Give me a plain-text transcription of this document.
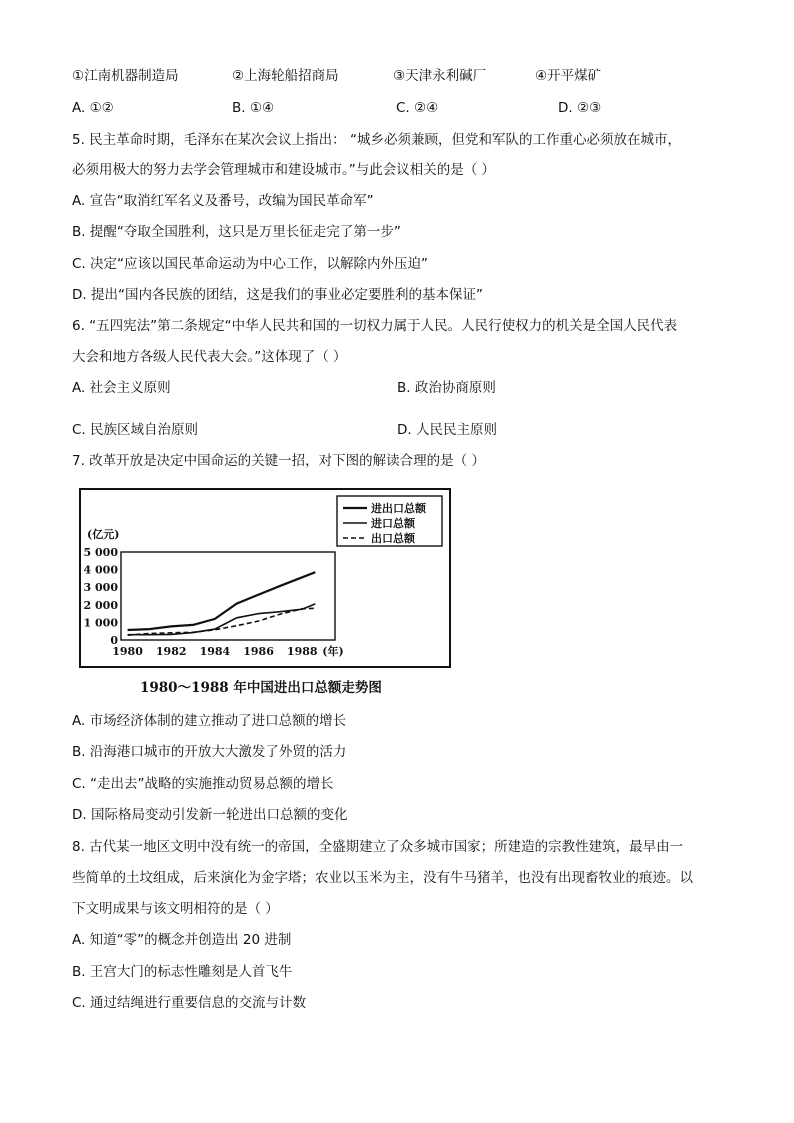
①江南机器制造局	②上海轮船招商局	③天津永利碱厂	④开平煤矿
A. ①②	B. ①④	C. ②④	D. ②③
5. 民主革命时期，毛泽东在某次会议上指出： “城乡必须兼顾，但党和军队的工作重心必须放在城市，
必须用极大的努力去学会管理城市和建设城市。”与此会议相关的是（ ）
A. 宣告“取消红军名义及番号，改编为国民革命军”
B. 提醒“夺取全国胜利，这只是万里长征走完了第一步”
C. 决定“应该以国民革命运动为中心工作，以解除内外压迫”
D. 提出“国内各民族的团结，这是我们的事业必定要胜利的基本保证”
6. “五四宪法”第二条规定“中华人民共和国的一切权力属于人民。人民行使权力的机关是全国人民代表
大会和地方各级人民代表大会。”这体现了（ ）
A. 社会主义原则	B. 政治协商原则
C. 民族区域自治原则	D. 人民民主原则
7. 改革开放是决定中国命运的关键一招，对下图的解读合理的是（ ）
(亿元)
0
1 000
2 000
3 000
4 000
5 000
1980 1982 1984 1986 1988 (年)
进出口总额
进口总额
出口总额
1980～1988 年中国进出口总额走势图
A. 市场经济体制的建立推动了进口总额的增长
B. 沿海港口城市的开放大大激发了外贸的活力
C. “走出去”战略的实施推动贸易总额的增长
D. 国际格局变动引发新一轮进出口总额的变化
8. 古代某一地区文明中没有统一的帝国，全盛期建立了众多城市国家；所建造的宗教性建筑，最早由一
些简单的土坟组成，后来演化为金字塔；农业以玉米为主，没有牛马猪羊，也没有出现畜牧业的痕迹。以
下文明成果与该文明相符的是（ ）
A. 知道“零”的概念并创造出 20 进制
B. 王宫大门的标志性雕刻是人首飞牛
C. 通过结绳进行重要信息的交流与计数
